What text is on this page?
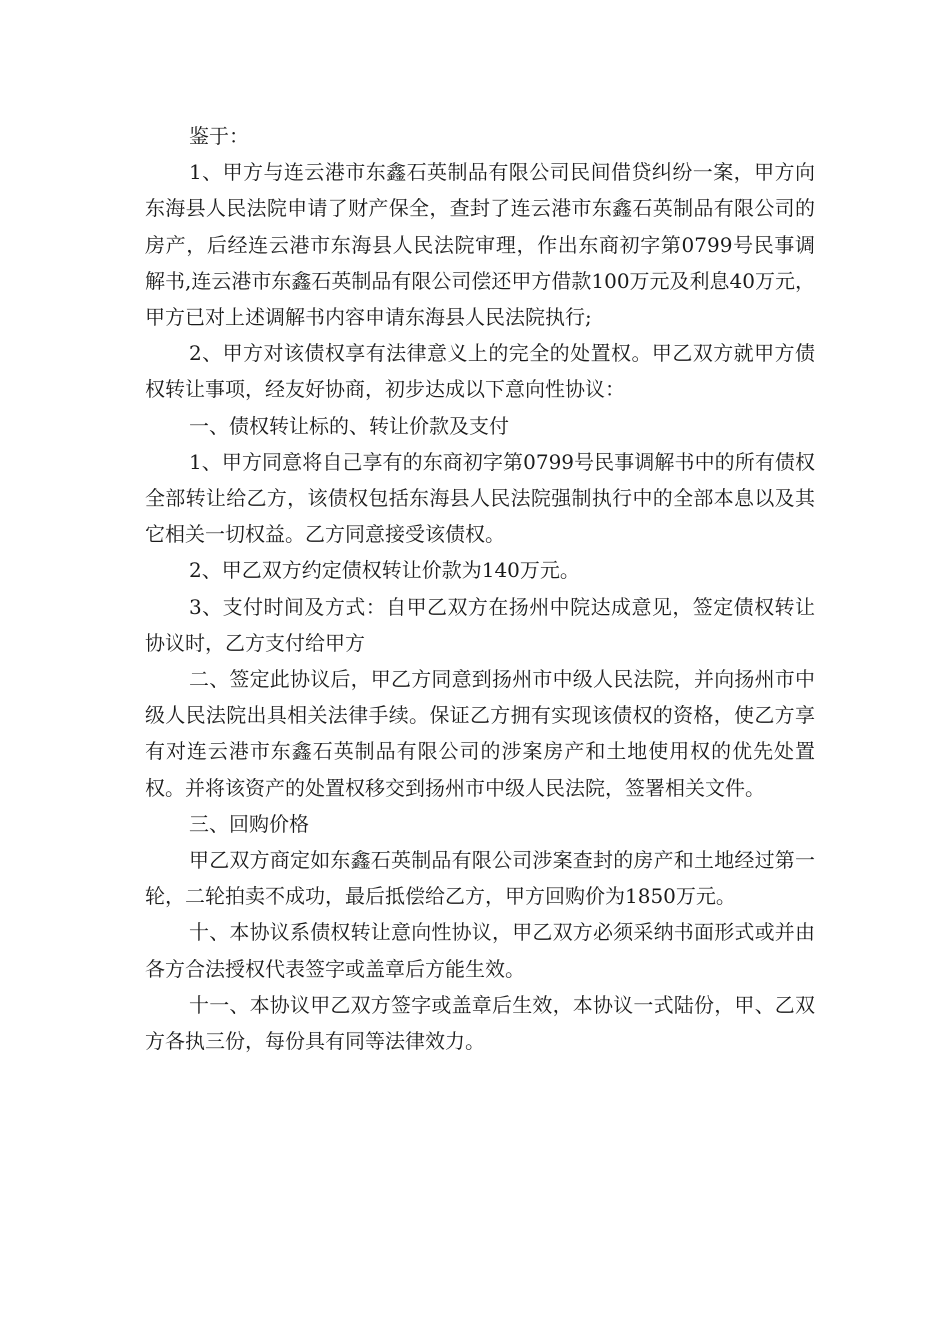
鉴于：

1、甲方与连云港市东鑫石英制品有限公司民间借贷纠纷一案，甲方向东海县人民法院申请了财产保全，查封了连云港市东鑫石英制品有限公司的房产，后经连云港市东海县人民法院审理，作出东商初字第0799号民事调解书,连云港市东鑫石英制品有限公司偿还甲方借款100万元及利息40万元，甲方已对上述调解书内容申请东海县人民法院执行;

2、甲方对该债权享有法律意义上的完全的处置权。甲乙双方就甲方债权转让事项，经友好协商，初步达成以下意向性协议：

一、债权转让标的、转让价款及支付

1、甲方同意将自己享有的东商初字第0799号民事调解书中的所有债权全部转让给乙方，该债权包括东海县人民法院强制执行中的全部本息以及其它相关一切权益。乙方同意接受该债权。

2、甲乙双方约定债权转让价款为140万元。

3、支付时间及方式：自甲乙双方在扬州中院达成意见，签定债权转让协议时，乙方支付给甲方

二、签定此协议后，甲乙方同意到扬州市中级人民法院，并向扬州市中级人民法院出具相关法律手续。保证乙方拥有实现该债权的资格，使乙方享有对连云港市东鑫石英制品有限公司的涉案房产和土地使用权的优先处置权。并将该资产的处置权移交到扬州市中级人民法院，签署相关文件。

三、回购价格

甲乙双方商定如东鑫石英制品有限公司涉案查封的房产和土地经过第一轮，二轮拍卖不成功，最后抵偿给乙方，甲方回购价为1850万元。

十、本协议系债权转让意向性协议，甲乙双方必须采纳书面形式或并由各方合法授权代表签字或盖章后方能生效。

十一、本协议甲乙双方签字或盖章后生效，本协议一式陆份，甲、乙双方各执三份，每份具有同等法律效力。
